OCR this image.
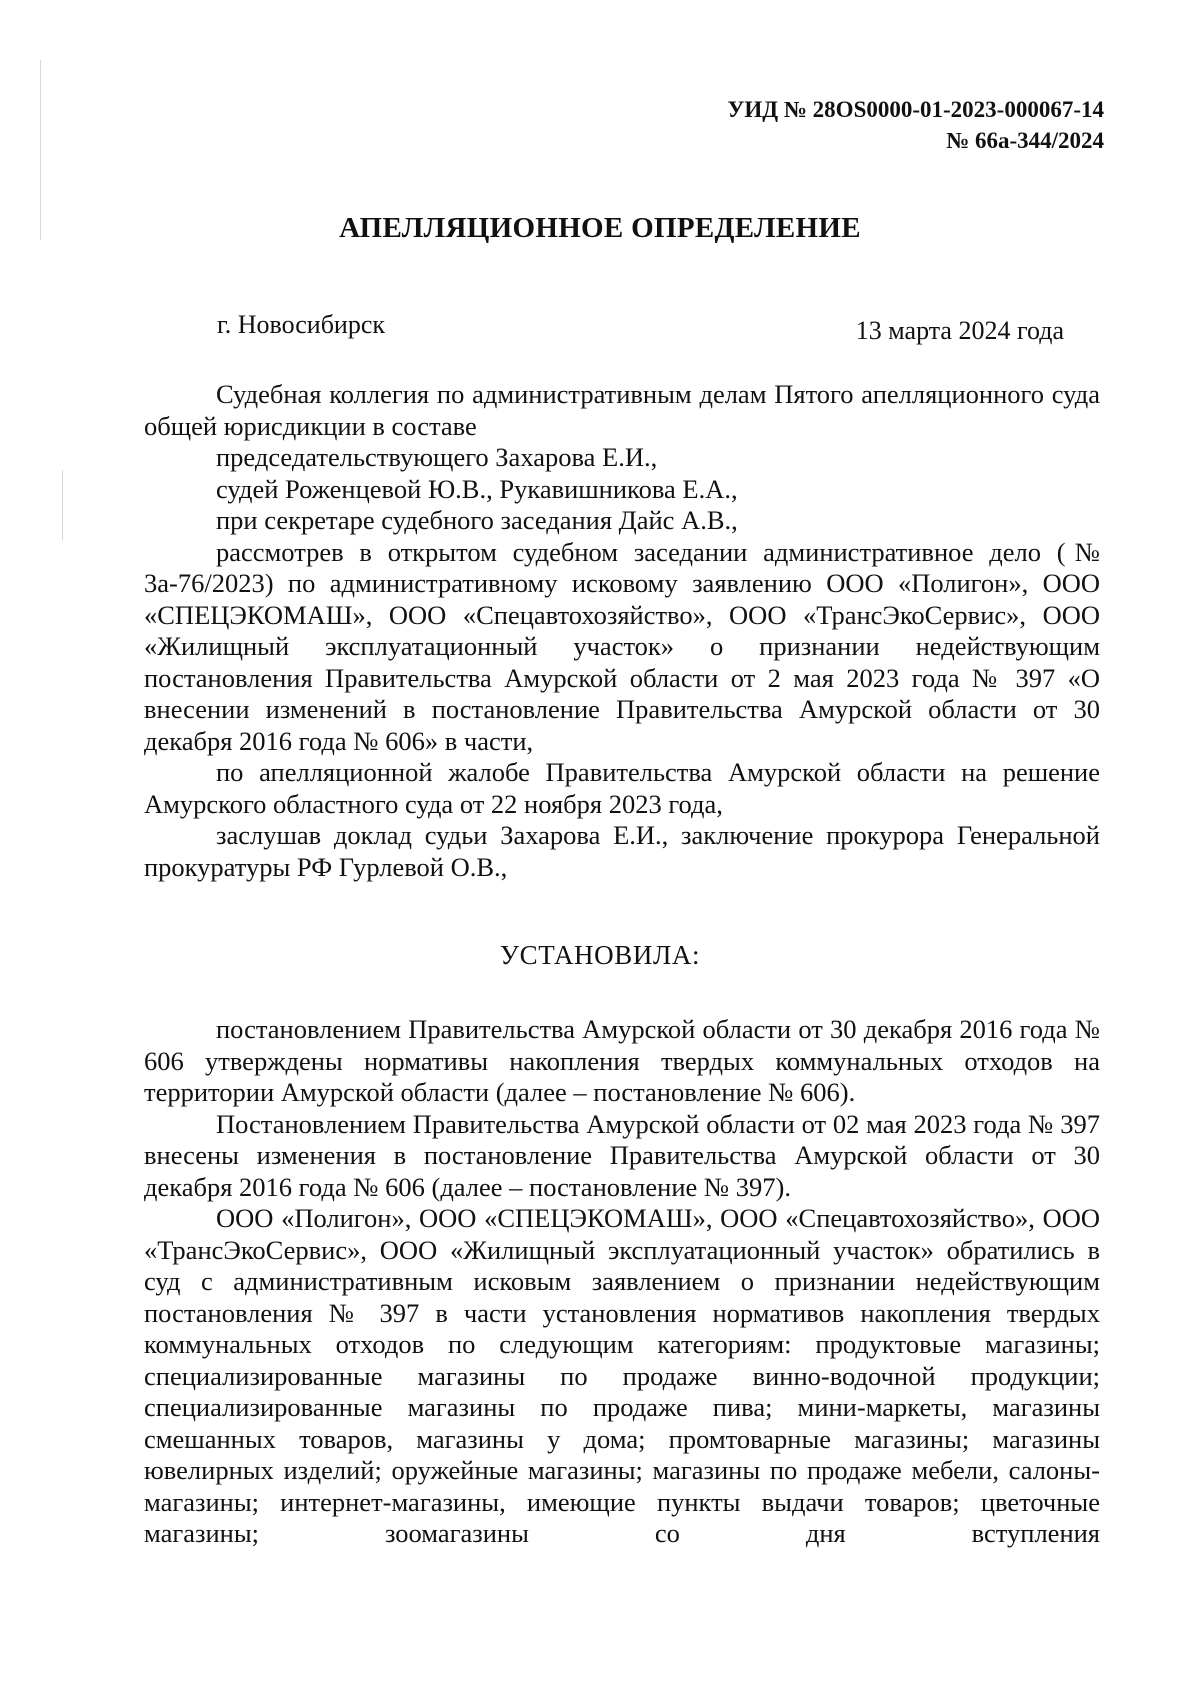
УИД № 28OS0000-01-2023-000067-14
№ 66а-344/2024
АПЕЛЛЯЦИОННОЕ ОПРЕДЕЛЕНИЕ
г. Новосибирск	13 марта 2024 года

Судебная коллегия по административным делам Пятого апелляционного суда общей юрисдикции в составе

председательствующего Захарова Е.И.,

судей Роженцевой Ю.В., Рукавишникова Е.А.,

при секретаре судебного заседания Дайс А.В.,

рассмотрев в открытом судебном заседании административное дело (№ 3а-76/2023) по административному исковому заявлению ООО «Полигон», ООО «СПЕЦЭКОМАШ», ООО «Спецавтохозяйство», ООО «ТрансЭкоСервис», ООО «Жилищный эксплуатационный участок» о признании недействующим постановления Правительства Амурской области от 2 мая 2023 года № 397 «О внесении изменений в постановление Правительства Амурской области от 30 декабря 2016 года № 606» в части,

по апелляционной жалобе Правительства Амурской области на решение Амурского областного суда от 22 ноября 2023 года,

заслушав доклад судьи Захарова Е.И., заключение прокурора Генеральной прокуратуры РФ Гурлевой О.В.,

УСТАНОВИЛА:

постановлением Правительства Амурской области от 30 декабря 2016 года № 606 утверждены нормативы накопления твердых коммунальных отходов на территории Амурской области (далее – постановление № 606).

Постановлением Правительства Амурской области от 02 мая 2023 года № 397 внесены изменения в постановление Правительства Амурской области от 30 декабря 2016 года № 606 (далее – постановление № 397).

ООО «Полигон», ООО «СПЕЦЭКОМАШ», ООО «Спецавтохозяйство», ООО «ТрансЭкоСервис», ООО «Жилищный эксплуатационный участок» обратились в суд с административным исковым заявлением о признании недействующим постановления № 397 в части установления нормативов накопления твердых коммунальных отходов по следующим категориям: продуктовые магазины; специализированные магазины по продаже винно-водочной продукции; специализированные магазины по продаже пива; мини-маркеты, магазины смешанных товаров, магазины у дома; промтоварные магазины; магазины ювелирных изделий; оружейные магазины; магазины по продаже мебели, салоны-магазины; интернет-магазины, имеющие пункты выдачи товаров; цветочные магазины; зоомагазины со дня вступления
